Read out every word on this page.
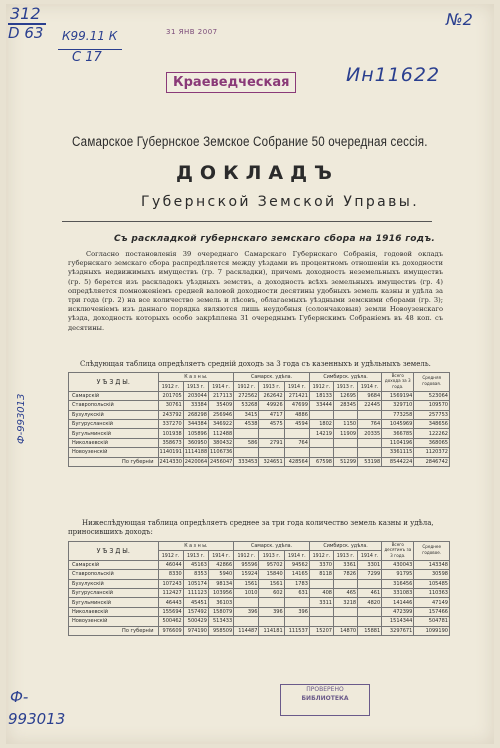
312
D 63 К99.11 К
С 17
31 ЯНВ 2007
№2
Краеведческая	Ин11622
Самарское Губернское Земское Собрание 50 очередная сессія.
ДОКЛАДЪ
Губернской Земской Управы.
Съ раскладкой губернскаго земскаго сбора на 1916 годъ.
Согласно постановленія 39 очереднаго Самарскаго Губернскаго Собранія, годовой окладъ губернскаго земскаго сбора распредѣляется между уѣздами въ процентномъ отношеніи къ доходности уѣздныхъ недвижимыхъ имуществъ (гр. 7 раскладки), причемъ доходность неземельныхъ имуществъ (гр. 5) берется изъ раскладокъ уѣздныхъ земствъ, а доходность всѣхъ земельныхъ имуществъ (гр. 4) опредѣляется помноженіемъ средней валовой доходности десятины удобныхъ земель казны и удѣла за три года (гр. 2) на все количество земель и лѣсовъ, облагаемыхъ уѣздными земскими сборами (гр. 3); исключеніемъ изъ даннаго порядка являются лишь неудобныя (солончаковыя) земли Новоузенскаго уѣзда, доходность которыхъ особо закрѣплена 31 очереднымъ Губернскимъ Собраніемъ въ 48 коп. съ десятины.
Слѣдующая таблица опредѣляетъ средній доходъ за 3 года съ казенныхъ и удѣльныхъ земель.
У Ѣ З Д Ы.	К а з н ы.			Самарск. удѣла.			Симбирск. удѣла.			Всего дохода за 3 года.	Средняя годовая.
	1912 г.	1913 г.	1914 г.	1912 г.	1913 г.	1914 г.	1912 г.	1913 г.	1914 г.		
Самарскій	201705	203044	217113	272562	262642	271421	18133	12695	9684	1569194	523064
Ставропольскій	30761	33384	35409	53268	49926	47699	33444	28345	22445	329710	109570
Бузулукскій	243792	268298	256946	3415	4717	4886				773258	257753
Бугурусланскій	337270	344384	346922	4538	4575	4594	1802	1150	764	1045969	348656
Бугульминскій	101938	105896	112488				14219	11909	20335	366785	122262
Николаевскій	358673	360950	380432	586	2791	764				1104196	368065
Новоузенскій	1140191	1114188	1106736							3361115	1120372
По губерніи	2414330	2420064	2456047	333453	324651	428564	67598	51299	53198	8544224	2846742
Нижеслѣдующая таблица опредѣляетъ среднее за три года количество земель казны и удѣла, приносившихъ доходъ:
У Ѣ З Д Ы.	К а з н ы.			Самарск. удѣла.			Симбирск. удѣла.			Всего десятинъ за 3 года.	Среднее годовое.
	1912 г.	1913 г.	1914 г.	1912 г.	1913 г.	1914 г.	1912 г.	1913 г.	1914 г.		
Самарскій	46044	45163	42866	95596	95702	94562	3370	3361	3301	430043	143348
Ставропольскій	8330	8353	5940	15924	15840	14165	8118	7826	7299	91795	30598
Бузулукскій	107243	105174	98134	1561	1561	1783				316456	105485
Бугурусланскій	112427	111123	103956	1010	602	631	408	465	461	331083	110363
Бугульминскій	46443	45451	36103				3311	3218	4820	141446	47149
Николаевскій	155694	157492	158079	396	396	396				472399	157466
Новоузенскій	500462	500429	513433							1514344	504781
По губерніи	976609	974190	958509	114487	114181	111537	15207	14870	15881	3297671	1099190
Ф-993013
Ф-
993013
ПРОВЕРЕНО
БИБЛИОТЕКА
